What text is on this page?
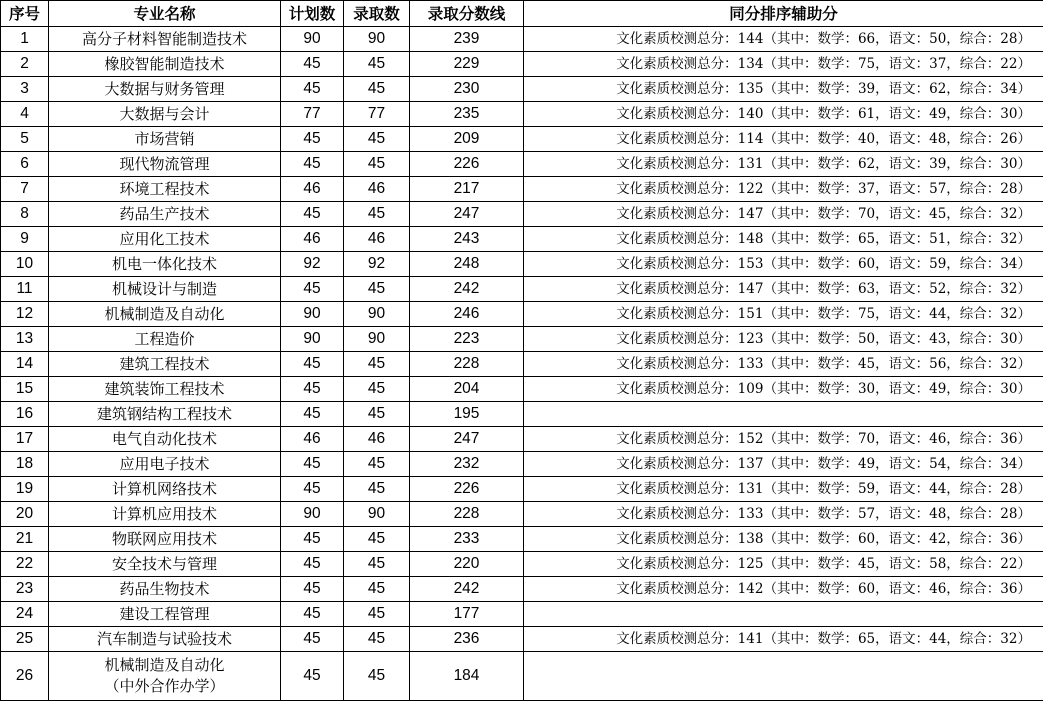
序号	专业名称	计划数	录取数	录取分数线	同分排序辅助分
1	高分子材料智能制造技术	90	90	239	文化素质校测总分：144（其中：数学：66，语文：50，综合：28）
2	橡胶智能制造技术	45	45	229	文化素质校测总分：134（其中：数学：75，语文：37，综合：22）
3	大数据与财务管理	45	45	230	文化素质校测总分：135（其中：数学：39，语文：62，综合：34）
4	大数据与会计	77	77	235	文化素质校测总分：140（其中：数学：61，语文：49，综合：30）
5	市场营销	45	45	209	文化素质校测总分：114（其中：数学：40，语文：48，综合：26）
6	现代物流管理	45	45	226	文化素质校测总分：131（其中：数学：62，语文：39，综合：30）
7	环境工程技术	46	46	217	文化素质校测总分：122（其中：数学：37，语文：57，综合：28）
8	药品生产技术	45	45	247	文化素质校测总分：147（其中：数学：70，语文：45，综合：32）
9	应用化工技术	46	46	243	文化素质校测总分：148（其中：数学：65，语文：51，综合：32）
10	机电一体化技术	92	92	248	文化素质校测总分：153（其中：数学：60，语文：59，综合：34）
11	机械设计与制造	45	45	242	文化素质校测总分：147（其中：数学：63，语文：52，综合：32）
12	机械制造及自动化	90	90	246	文化素质校测总分：151（其中：数学：75，语文：44，综合：32）
13	工程造价	90	90	223	文化素质校测总分：123（其中：数学：50，语文：43，综合：30）
14	建筑工程技术	45	45	228	文化素质校测总分：133（其中：数学：45，语文：56，综合：32）
15	建筑装饰工程技术	45	45	204	文化素质校测总分：109（其中：数学：30，语文：49，综合：30）
16	建筑钢结构工程技术	45	45	195	
17	电气自动化技术	46	46	247	文化素质校测总分：152（其中：数学：70，语文：46，综合：36）
18	应用电子技术	45	45	232	文化素质校测总分：137（其中：数学：49，语文：54，综合：34）
19	计算机网络技术	45	45	226	文化素质校测总分：131（其中：数学：59，语文：44，综合：28）
20	计算机应用技术	90	90	228	文化素质校测总分：133（其中：数学：57，语文：48，综合：28）
21	物联网应用技术	45	45	233	文化素质校测总分：138（其中：数学：60，语文：42，综合：36）
22	安全技术与管理	45	45	220	文化素质校测总分：125（其中：数学：45，语文：58，综合：22）
23	药品生物技术	45	45	242	文化素质校测总分：142（其中：数学：60，语文：46，综合：36）
24	建设工程管理	45	45	177	
25	汽车制造与试验技术	45	45	236	文化素质校测总分：141（其中：数学：65，语文：44，综合：32）
26	机械制造及自动化
（中外合作办学）	45	45	184	
